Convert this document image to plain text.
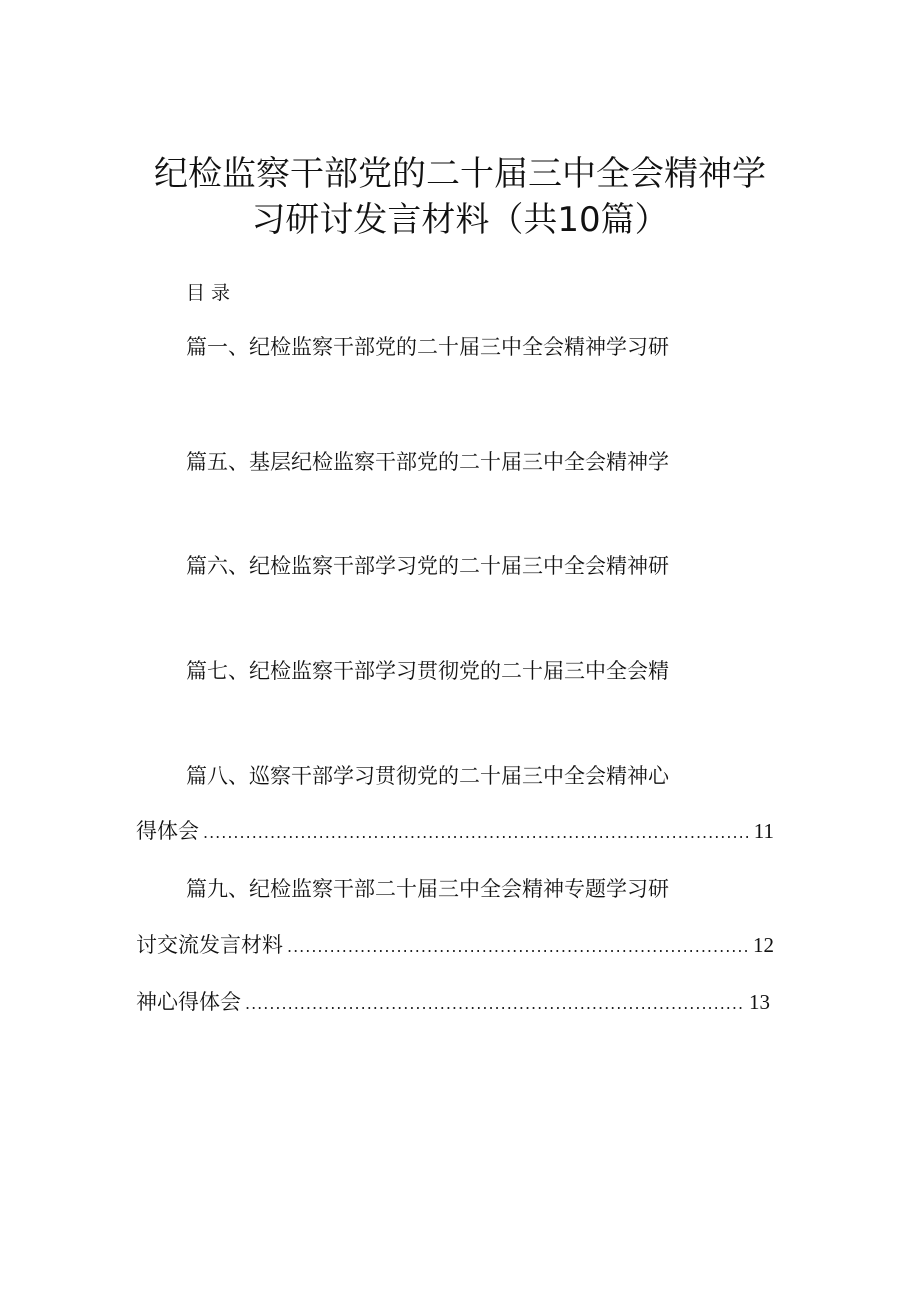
纪检监察干部党的二十届三中全会精神学
习研讨发言材料（共10篇）
目录
篇一、纪检监察干部党的二十届三中全会精神学习研
篇五、基层纪检监察干部党的二十届三中全会精神学
篇六、纪检监察干部学习党的二十届三中全会精神研
篇七、纪检监察干部学习贯彻党的二十届三中全会精
篇八、巡察干部学习贯彻党的二十届三中全会精神心
得体会 .....	11
篇九、纪检监察干部二十届三中全会精神专题学习研
讨交流发言材料 .....	12
神心得体会 .....	13
